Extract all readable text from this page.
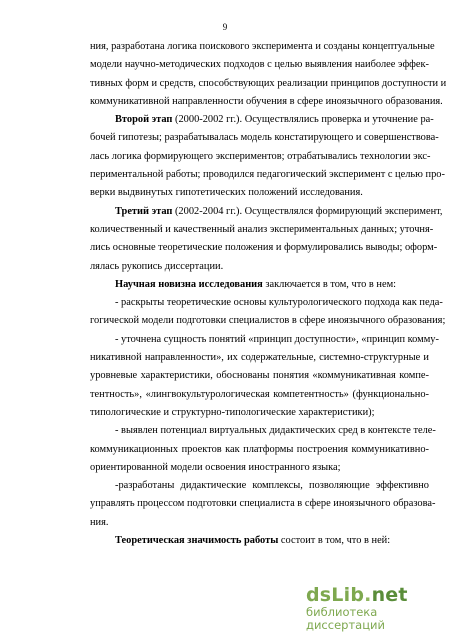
9
ния, разработана логика поискового эксперимента и созданы концептуальные
модели научно-методических подходов с целью выявления наиболее эффек-
тивных форм и средств, способствующих реализации принципов доступности и
коммуникативной направленности обучения в сфере иноязычного образования.
Второй этап (2000-2002 гг.). Осуществлялись проверка и уточнение ра-
бочей гипотезы; разрабатывалась модель констатирующего и совершенствова-
лась логика формирующего экспериментов; отрабатывались технологии экс-
периментальной работы; проводился педагогический эксперимент с целью про-
верки выдвинутых гипотетических положений исследования.
Третий этап (2002-2004 гг.). Осуществлялся формирующий эксперимент,
количественный и качественный анализ экспериментальных данных; уточня-
лись основные теоретические положения и формулировались выводы; оформ-
лялась рукопись диссертации.
Научная новизна исследования заключается в том, что в нем:
- раскрыты теоретические основы культурологического подхода как педа-
гогической модели подготовки специалистов в сфере иноязычного образования;
- уточнена сущность понятий «принцип доступности», «принцип комму-
никативной направленности», их содержательные, системно-структурные и
уровневые характеристики, обоснованы понятия «коммуникативная компе-
тентность», «лингвокультурологическая компетентность» (функционально-
типологические и структурно-типологические характеристики);
- выявлен потенциал виртуальных дидактических сред в контексте теле-
коммуникационных проектов как платформы построения коммуникативно-
ориентированной модели освоения иностранного языка;
-разработаны дидактические комплексы, позволяющие эффективно
управлять процессом подготовки специалиста в сфере иноязычного образова-
ния.
Теоретическая значимость работы состоит в том, что в ней:
dsLib.net
библиотека диссертаций
